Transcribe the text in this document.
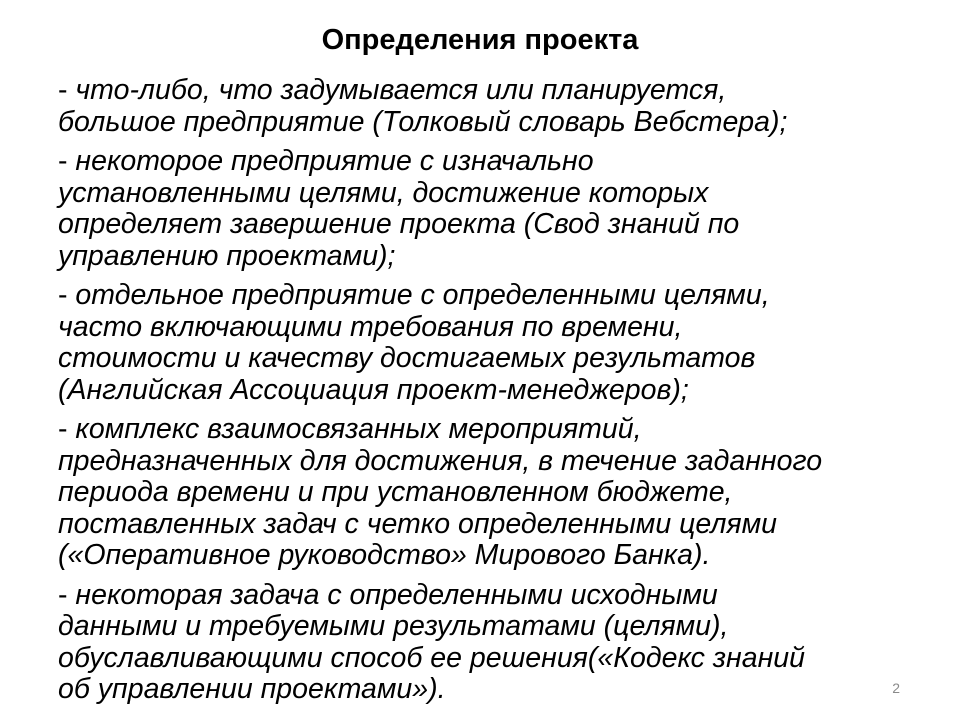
Определения проекта
- что-либо, что задумывается или планируется,
большое предприятие (Толковый словарь Вебстера);
- некоторое предприятие с изначально
установленными целями, достижение которых
определяет завершение проекта (Свод знаний по
управлению проектами);
- отдельное предприятие с определенными целями,
часто включающими требования по времени,
стоимости и качеству достигаемых результатов
(Английская Ассоциация проект-менеджеров);
- комплекс взаимосвязанных мероприятий,
предназначенных для достижения, в течение заданного
периода времени и при установленном бюджете,
поставленных задач с четко определенными целями
(«Оперативное руководство» Мирового Банка).
- некоторая задача с определенными исходными
данными и требуемыми результатами (целями),
обуславливающими способ ее решения(«Кодекс знаний
об управлении проектами»).	2
